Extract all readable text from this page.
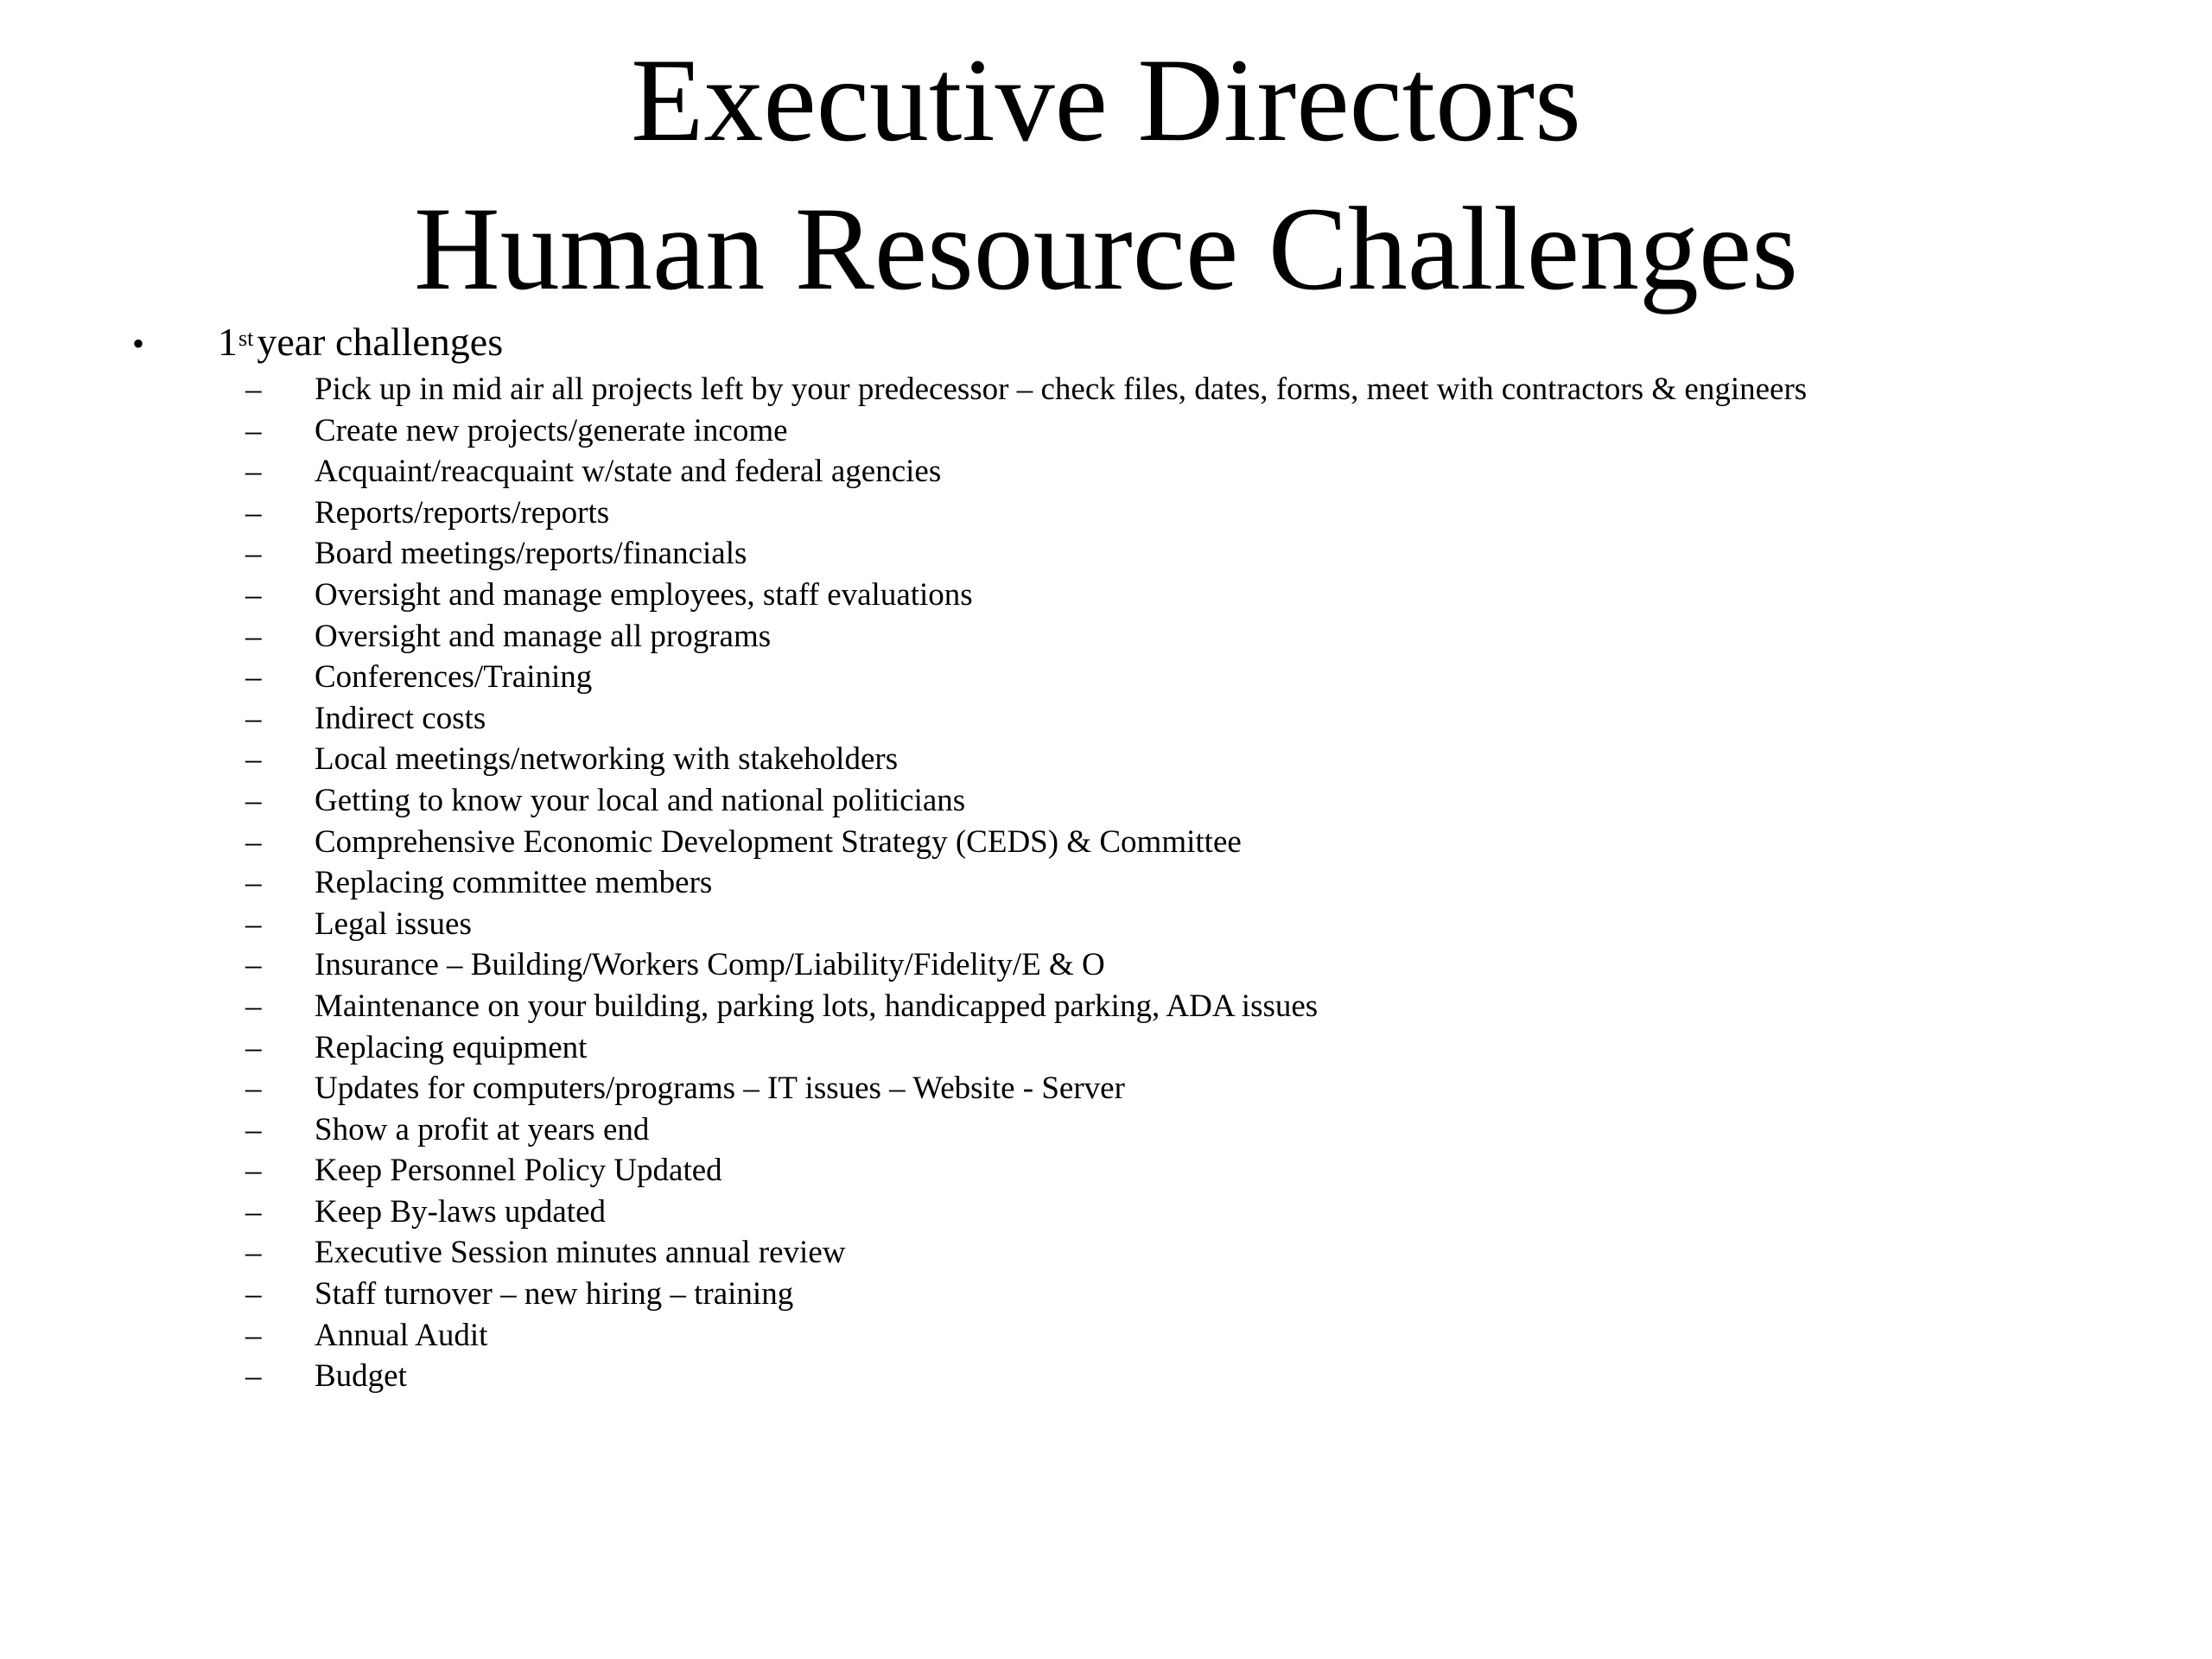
Executive Directors
Human Resource Challenges
• 1styear challenges
– Pick up in mid air all projects left by your predecessor – check files, dates, forms, meet with contractors & engineers
– Create new projects/generate income
– Acquaint/reacquaint w/state and federal agencies
– Reports/reports/reports
– Board meetings/reports/financials
– Oversight and manage employees, staff evaluations
– Oversight and manage all programs
– Conferences/Training
– Indirect costs
– Local meetings/networking with stakeholders
– Getting to know your local and national politicians
– Comprehensive Economic Development Strategy (CEDS) & Committee
– Replacing committee members
– Legal issues
– Insurance – Building/Workers Comp/Liability/Fidelity/E & O
– Maintenance on your building, parking lots, handicapped parking, ADA issues
– Replacing equipment
– Updates for computers/programs – IT issues – Website - Server
– Show a profit at years end
– Keep Personnel Policy Updated
– Keep By-laws updated
– Executive Session minutes annual review
– Staff turnover – new hiring – training
– Annual Audit
– Budget
